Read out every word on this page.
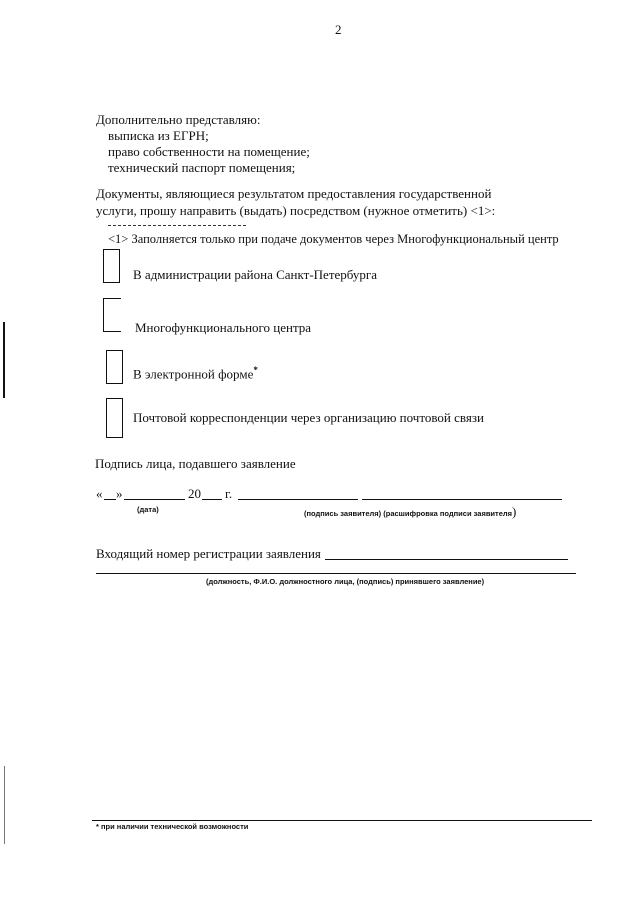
2
Дополнительно представляю:
выписка из ЕГРН;
право собственности на помещение;
технический паспорт помещения;
Документы, являющиеся результатом предоставления государственной
услуги, прошу направить (выдать) посредством (нужное отметить) <1>:
<1> Заполняется только при подаче документов через Многофункциональный центр
В администрации района Санкт-Петербурга
Многофункционального центра
В электронной форме*
Почтовой корреспонденции через организацию почтовой связи
Подпись лица, подавшего заявление
« »	20 г.
(дата)	(подпись заявителя) (расшифровка подписи заявителя)
Входящий номер регистрации заявления
(должность, Ф.И.О. должностного лица, (подпись) принявшего заявление)
* при наличии технической возможности
